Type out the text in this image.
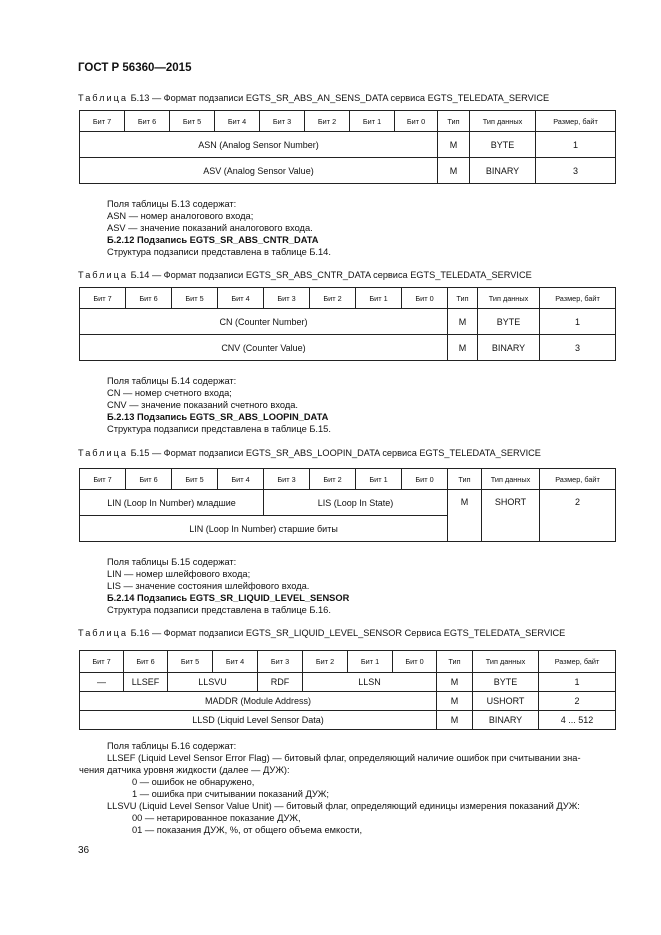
ГОСТ Р 56360—2015
Таблица Б.13 — Формат подзаписи EGTS_SR_ABS_AN_SENS_DATA сервиса EGTS_TELEDATA_SERVICE
Бит 7	Бит 6	Бит 5	Бит 4	Бит 3	Бит 2	Бит 1	Бит 0	Тип	Тип данных	Размер, байт
ASN (Analog Sensor Number)								M	BYTE	1
ASV (Analog Sensor Value)								M	BINARY	3
Поля таблицы Б.13 содержат:
ASN — номер аналогового входа;
ASV — значение показаний аналогового входа.
Б.2.12 Подзапись EGTS_SR_ABS_CNTR_DATA
Структура подзаписи представлена в таблице Б.14.
Таблица Б.14 — Формат подзаписи EGTS_SR_ABS_CNTR_DATA сервиса EGTS_TELEDATA_SERVICE
Бит 7	Бит 6	Бит 5	Бит 4	Бит 3	Бит 2	Бит 1	Бит 0	Тип	Тип данных	Размер, байт
CN (Counter Number)								M	BYTE	1
CNV (Counter Value)								M	BINARY	3
Поля таблицы Б.14 содержат:
CN — номер счетного входа;
CNV — значение показаний счетного входа.
Б.2.13 Подзапись EGTS_SR_ABS_LOOPIN_DATA
Структура подзаписи представлена в таблице Б.15.
Таблица Б.15 — Формат подзаписи EGTS_SR_ABS_LOOPIN_DATA сервиса EGTS_TELEDATA_SERVICE
Бит 7	Бит 6	Бит 5	Бит 4	Бит 3	Бит 2	Бит 1	Бит 0	Тип	Тип данных	Размер, байт
LIN (Loop In Number) младшие				LIS (Loop In State)				M	SHORT	2
LIN (Loop In Number) старшие биты										
Поля таблицы Б.15 содержат:
LIN — номер шлейфового входа;
LIS — значение состояния шлейфового входа.
Б.2.14 Подзапись EGTS_SR_LIQUID_LEVEL_SENSOR
Структура подзаписи представлена в таблице Б.16.
Таблица Б.16 — Формат подзаписи EGTS_SR_LIQUID_LEVEL_SENSOR Сервиса EGTS_TELEDATA_SERVICE
Бит 7	Бит 6	Бит 5	Бит 4	Бит 3	Бит 2	Бит 1	Бит 0	Тип	Тип данных	Размер, байт
—	LLSEF	LLSVU		RDF	LLSN			M	BYTE	1
MADDR (Module Address)								M	USHORT	2
LLSD (Liquid Level Sensor Data)								M	BINARY	4 ... 512
Поля таблицы Б.16 содержат:
LLSEF (Liquid Level Sensor Error Flag) — битовый флаг, определяющий наличие ошибок при считывании зна-
чения датчика уровня жидкости (далее — ДУЖ):
0 — ошибок не обнаружено,
1 — ошибка при считывании показаний ДУЖ;
LLSVU (Liquid Level Sensor Value Unit) — битовый флаг, определяющий единицы измерения показаний ДУЖ:
00 — нетарированное показание ДУЖ,
01 — показания ДУЖ, %, от общего объема емкости,
36
